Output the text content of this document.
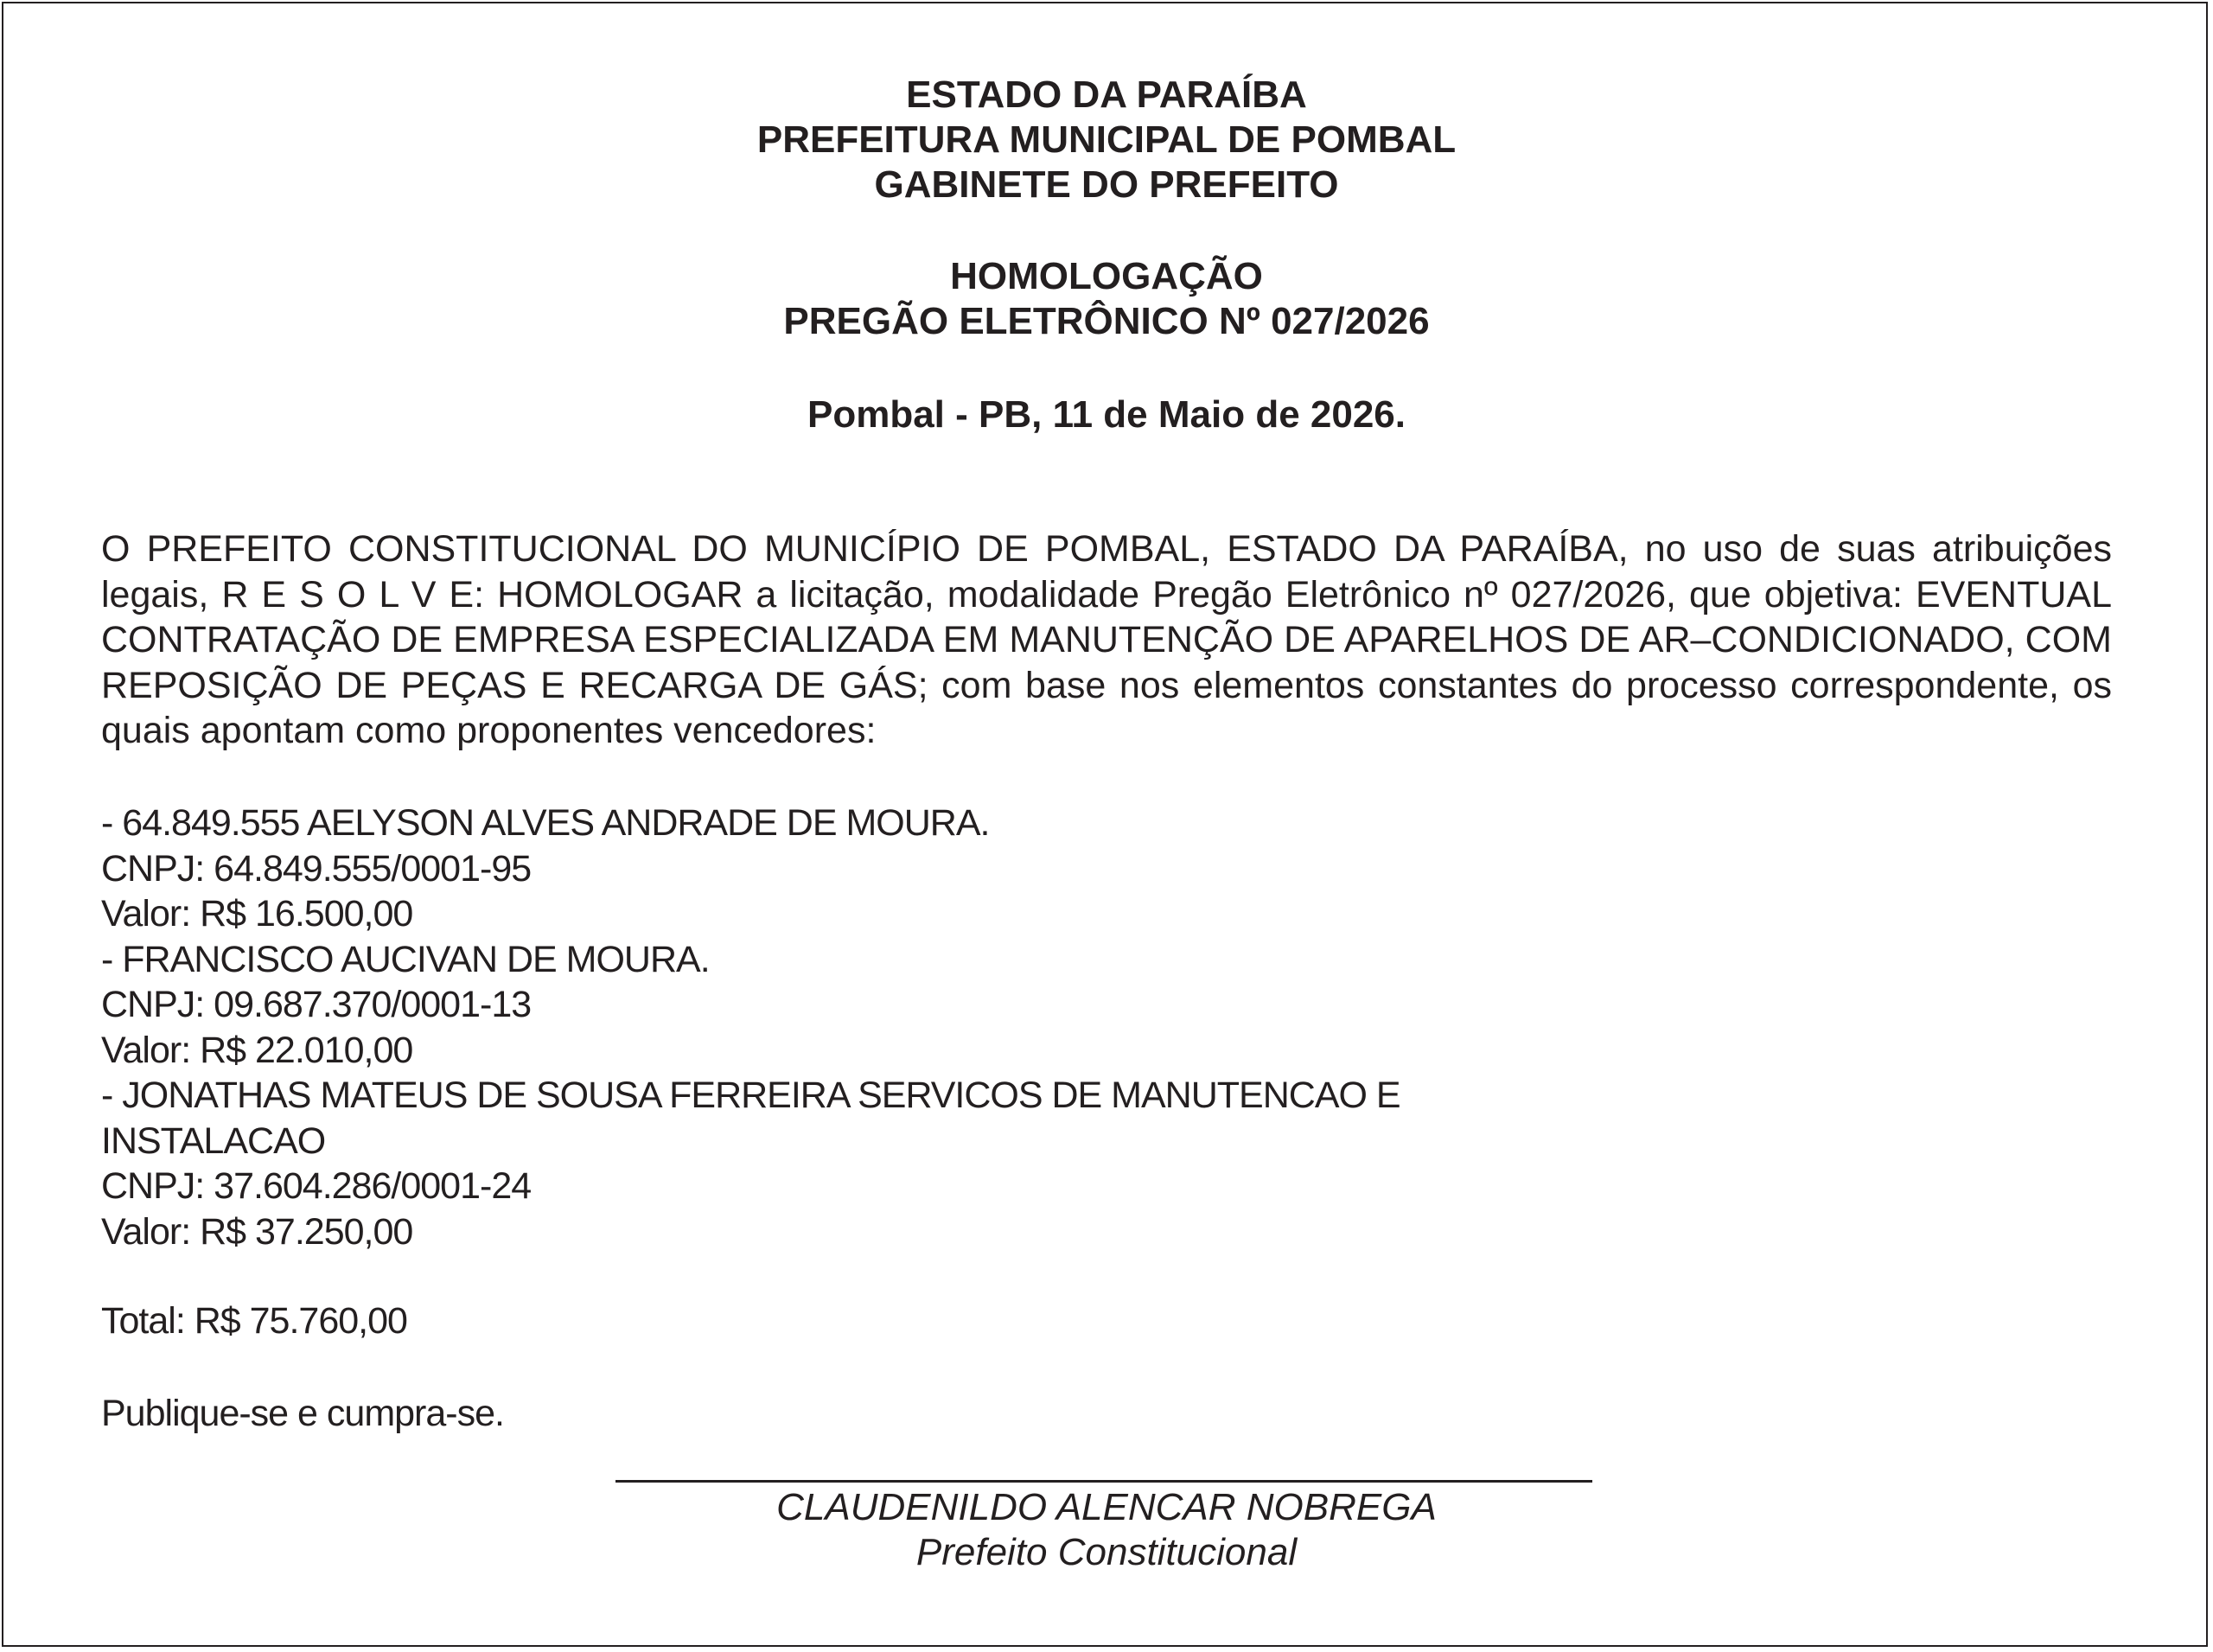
ESTADO DA PARAÍBA
PREFEITURA MUNICIPAL DE POMBAL
GABINETE DO PREFEITO
HOMOLOGAÇÃO
PREGÃO ELETRÔNICO Nº 027/2026
Pombal - PB, 11 de Maio de 2026.

O PREFEITO CONSTITUCIONAL DO MUNICÍPIO DE POMBAL, ESTADO DA PARAÍBA, no uso de suas atribuições legais, R E S O L V E: HOMOLOGAR a licitação, modalidade Pregão Eletrônico nº 027/2026, que objetiva: EVENTUAL CONTRATAÇÃO DE EMPRESA ESPECIALIZADA EM MANUTENÇÃO DE APARELHOS DE AR–CONDICIONADO, COM REPOSIÇÃO DE PEÇAS E RECARGA DE GÁS; com base nos elementos constantes do processo correspondente, os quais apontam como proponentes vencedores:

- 64.849.555 AELYSON ALVES ANDRADE DE MOURA.
CNPJ: 64.849.555/0001-95
Valor: R$ 16.500,00
- FRANCISCO AUCIVAN DE MOURA.
CNPJ: 09.687.370/0001-13
Valor: R$ 22.010,00
- JONATHAS MATEUS DE SOUSA FERREIRA SERVICOS DE MANUTENCAO E
INSTALACAO
CNPJ: 37.604.286/0001-24
Valor: R$ 37.250,00
Total: R$ 75.760,00
Publique-se e cumpra-se.
CLAUDENILDO ALENCAR NOBREGA
Prefeito Constitucional
